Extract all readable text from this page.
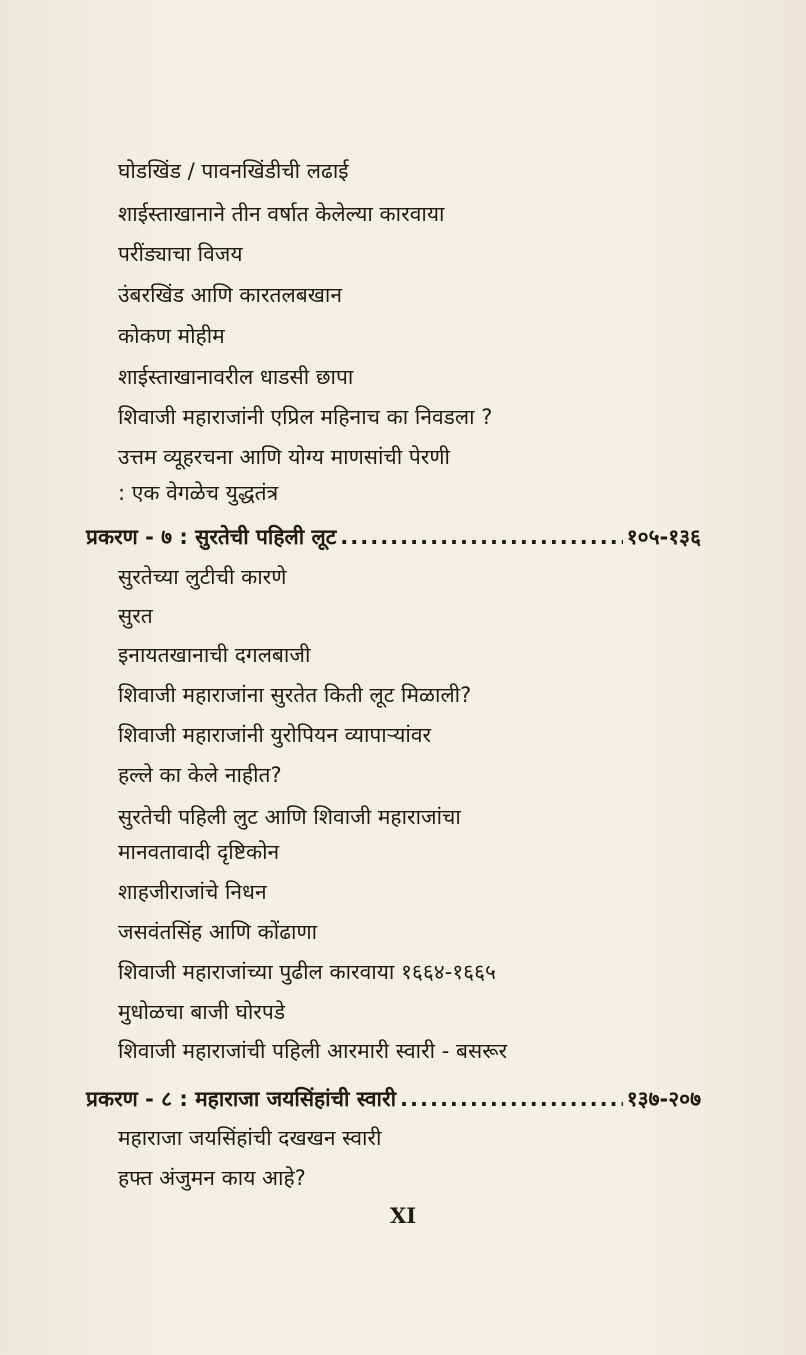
घोडखिंड / पावनखिंडीची लढाई
शाईस्ताखानाने तीन वर्षात केलेल्या कारवाया
परींड्याचा विजय
उंबरखिंड आणि कारतलबखान
कोकण मोहीम
शाईस्ताखानावरील धाडसी छापा
शिवाजी महाराजांनी एप्रिल महिनाच का निवडला ?
उत्तम व्यूहरचना आणि योग्य माणसांची पेरणी
: एक वेगळेच युद्धतंत्र
प्रकरण - ७ : सुरतेची पहिली लूट .....	१०५-१३६
सुरतेच्या लुटीची कारणे
सुरत
इनायतखानाची दगलबाजी
शिवाजी महाराजांना सुरतेत किती लूट मिळाली?
शिवाजी महाराजांनी युरोपियन व्यापाऱ्यांवर
हल्ले का केले नाहीत?
सुरतेची पहिली लुट आणि शिवाजी महाराजांचा
मानवतावादी दृष्टिकोन
शाहजीराजांचे निधन
जसवंतसिंह आणि कोंढाणा
शिवाजी महाराजांच्या पुढील कारवाया १६६४-१६६५
मुधोळचा बाजी घोरपडे
शिवाजी महाराजांची पहिली आरमारी स्वारी - बसरूर
प्रकरण - ८ : महाराजा जयसिंहांची स्वारी .....	१३७-२०७
महाराजा जयसिंहांची दखखन स्वारी
हफ्त अंजुमन काय आहे?
XI
